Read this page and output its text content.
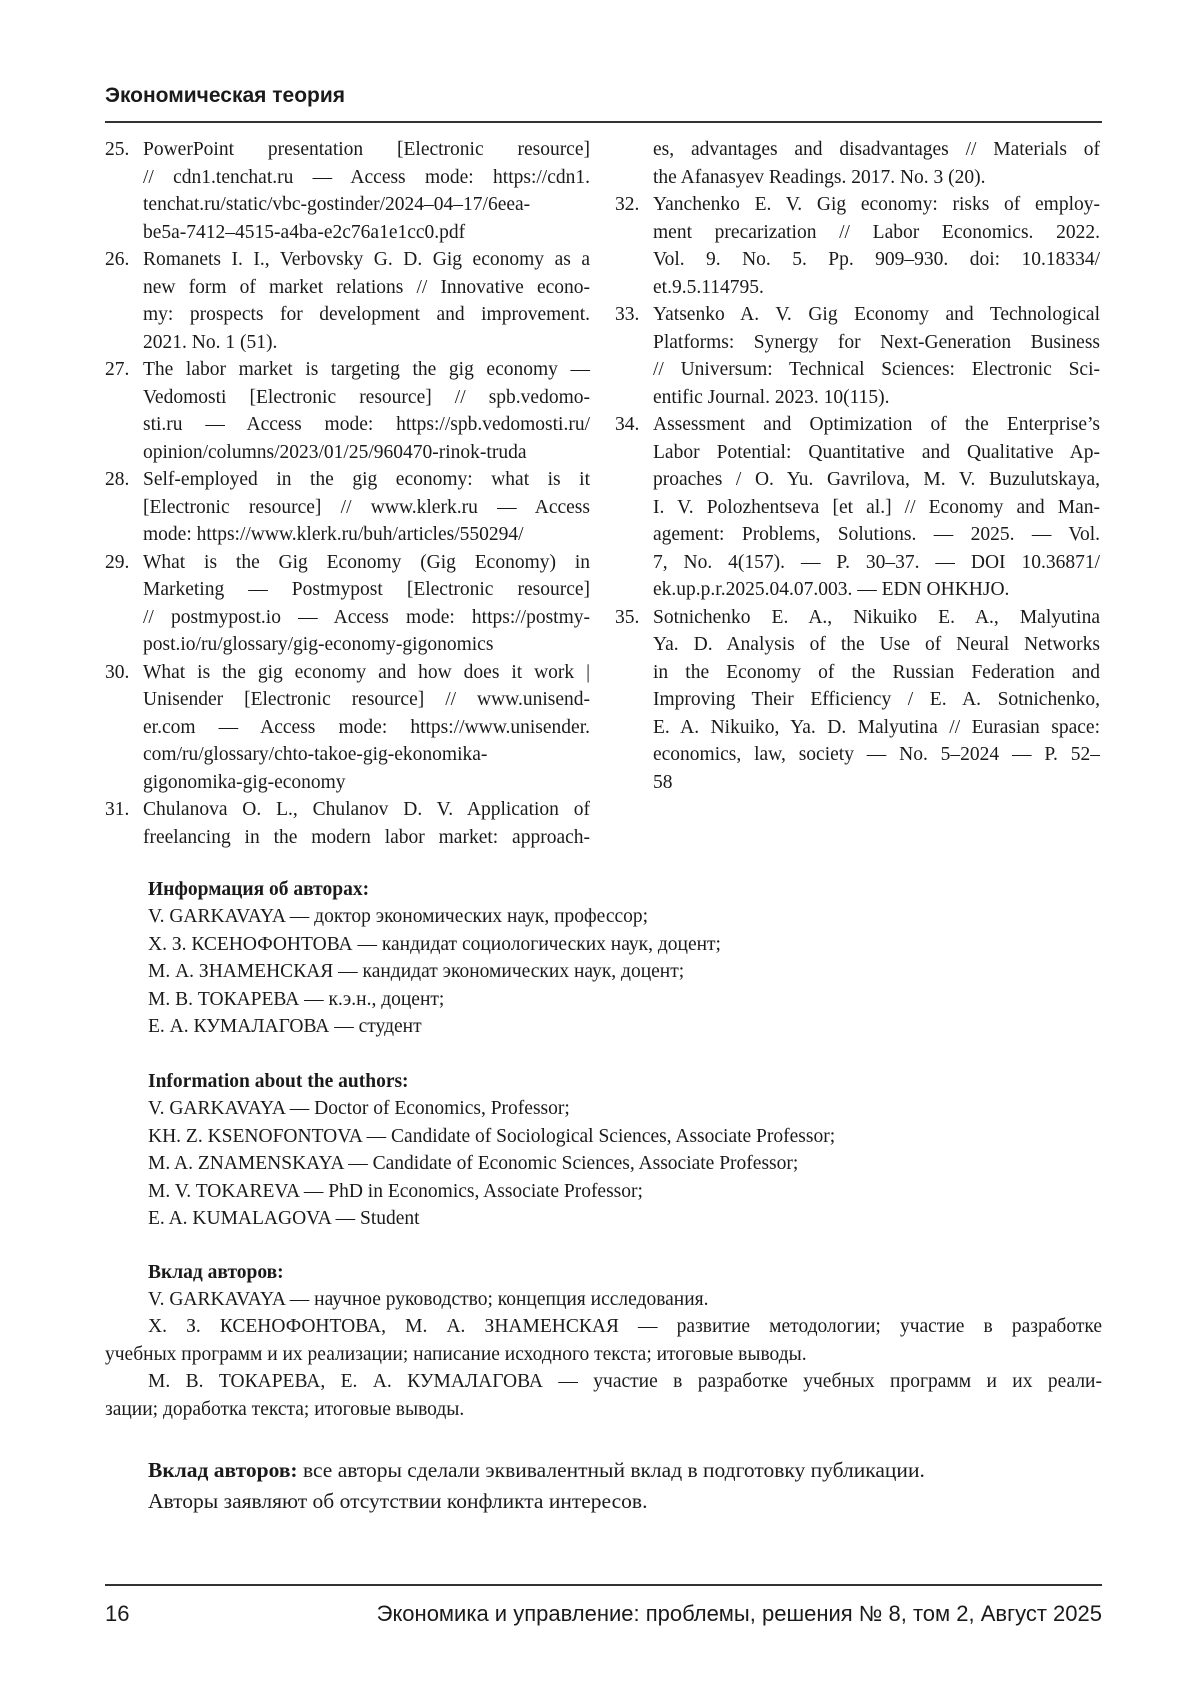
Экономическая теория
25. PowerPoint presentation [Electronic resource]
// cdn1.tenchat.ru — Access mode: https://cdn1.
tenchat.ru/static/vbc-gostinder/2024–04–17/6eea-
be5a-7412–4515-a4ba-e2c76a1e1cc0.pdf
26. Romanets I. I., Verbovsky G. D. Gig economy as a
new form of market relations // Innovative econo-
my: prospects for development and improvement.
2021. No. 1 (51).
27. The labor market is targeting the gig economy —
Vedomosti [Electronic resource] // spb.vedomo-
sti.ru — Access mode: https://spb.vedomosti.ru/
opinion/columns/2023/01/25/960470-rinok-truda
28. Self-employed in the gig economy: what is it
[Electronic resource] // www.klerk.ru — Access
mode: https://www.klerk.ru/buh/articles/550294/
29. What is the Gig Economy (Gig Economy) in
Marketing — Postmypost [Electronic resource]
// postmypost.io — Access mode: https://postmy-
post.io/ru/glossary/gig-economy-gigonomics
30. What is the gig economy and how does it work |
Unisender [Electronic resource] // www.unisend-
er.com — Access mode: https://www.unisender.
com/ru/glossary/chto-takoe-gig-ekonomika-
gigonomika-gig-economy
31. Chulanova O. L., Chulanov D. V. Application of
freelancing in the modern labor market: approach-
es, advantages and disadvantages // Materials of
the Afanasyev Readings. 2017. No. 3 (20).
32. Yanchenko E. V. Gig economy: risks of employ-
ment precarization // Labor Economics. 2022.
Vol. 9. No. 5. Pp. 909–930. doi: 10.18334/
et.9.5.114795.
33. Yatsenko A. V. Gig Economy and Technological
Platforms: Synergy for Next-Generation Business
// Universum: Technical Sciences: Electronic Sci-
entific Journal. 2023. 10(115).
34. Assessment and Optimization of the Enterprise’s
Labor Potential: Quantitative and Qualitative Ap-
proaches / O. Yu. Gavrilova, M. V. Buzulutskaya,
I. V. Polozhentseva [et al.] // Economy and Man-
agement: Problems, Solutions. — 2025. — Vol.
7, No. 4(157). — P. 30–37. — DOI 10.36871/
ek.up.p.r.2025.04.07.003. — EDN OHKHJO.
35. Sotnichenko E. A., Nikuiko E. A., Malyutina
Ya. D. Analysis of the Use of Neural Networks
in the Economy of the Russian Federation and
Improving Their Efficiency / E. A. Sotnichenko,
E. A. Nikuiko, Ya. D. Malyutina // Eurasian space:
economics, law, society — No. 5–2024 — P. 52–
58
Информация об авторах:
V. GARKAVAYA — доктор экономических наук, профессор;
Х. З. КСЕНОФОНТОВА — кандидат социологических наук, доцент;
М. А. ЗНАМЕНСКАЯ — кандидат экономических наук, доцент;
М. В. ТОКАРЕВА — к.э.н., доцент;
Е. А. КУМАЛАГОВА — студент
Information about the authors:
V. GARKAVAYA — Doctor of Economics, Professor;
KH. Z. KSENOFONTOVA — Candidate of Sociological Sciences, Associate Professor;
M. A. ZNAMENSKAYA — Candidate of Economic Sciences, Associate Professor;
M. V. TOKAREVA — PhD in Economics, Associate Professor;
E. A. KUMALAGOVA — Student
Вклад авторов:
V. GARKAVAYA — научное руководство; концепция исследования.
Х. З. КСЕНОФОНТОВА, М. А. ЗНАМЕНСКАЯ — развитие методологии; участие в разработке
учебных программ и их реализации; написание исходного текста; итоговые выводы.
М. В. ТОКАРЕВА, Е. А. КУМАЛАГОВА — участие в разработке учебных программ и их реали-
зации; доработка текста; итоговые выводы.
Вклад авторов: все авторы сделали эквивалентный вклад в подготовку публикации.
Авторы заявляют об отсутствии конфликта интересов.
16	Экономика и управление: проблемы, решения № 8, том 2, Август 2025
